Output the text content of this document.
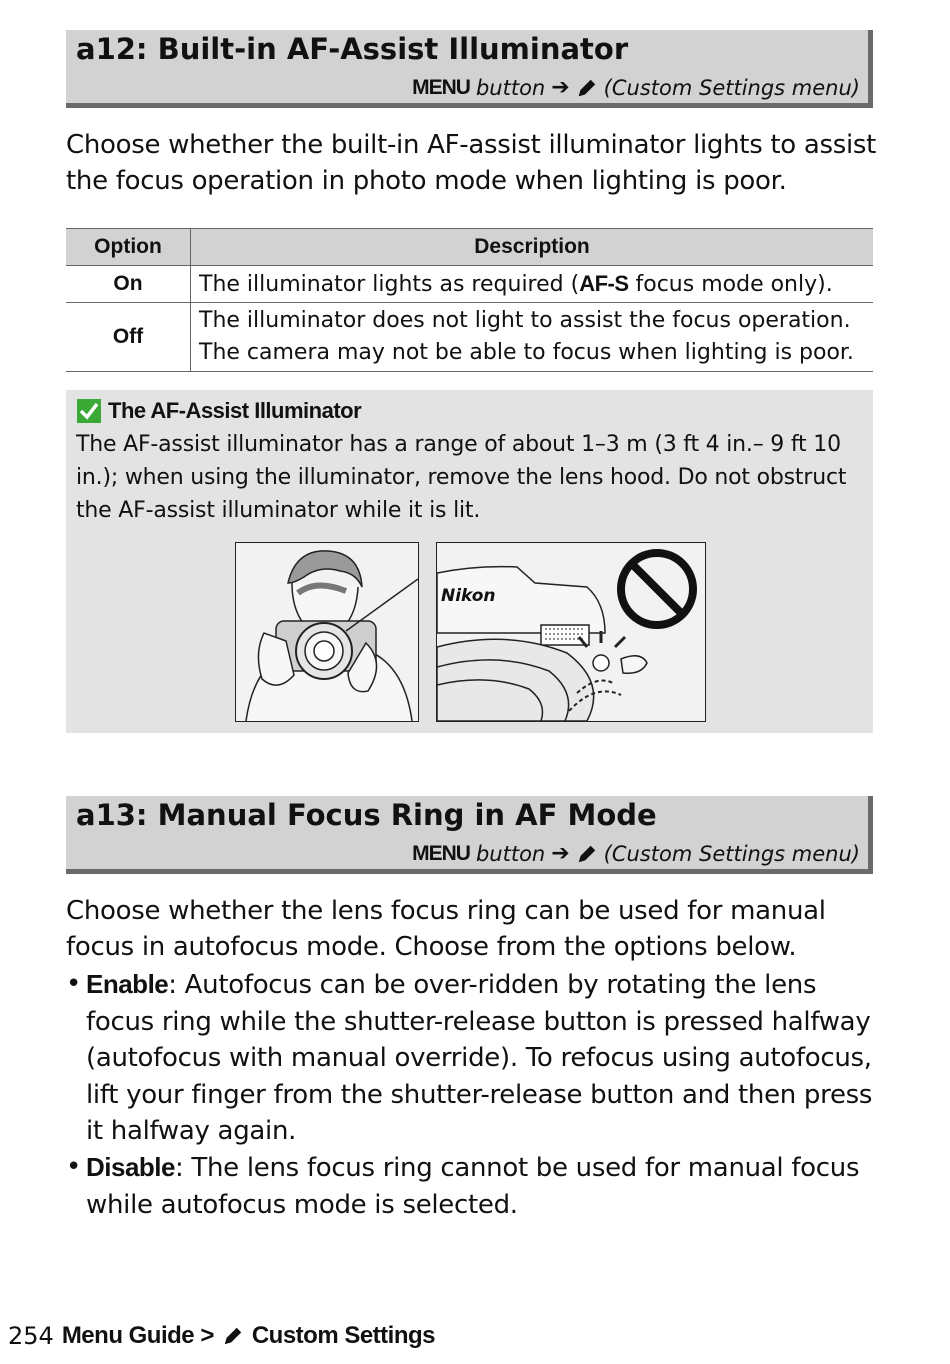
a12: Built-in AF-Assist Illuminator
MENU button ➔ (Custom Settings menu)
Choose whether the built-in AF-assist illuminator lights to assist the focus operation in photo mode when lighting is poor.
Option	Description
On	The illuminator lights as required (AF-S focus mode only).
Off	The illuminator does not light to assist the focus operation. The camera may not be able to focus when lighting is poor.
The AF-Assist Illuminator
The AF-assist illuminator has a range of about 1–3 m (3 ft 4 in.– 9 ft 10 in.); when using the illuminator, remove the lens hood. Do not obstruct the AF-assist illuminator while it is lit.
Nikon
a13: Manual Focus Ring in AF Mode
MENU button ➔ (Custom Settings menu)
Choose whether the lens focus ring can be used for manual focus in autofocus mode. Choose from the options below.
• Enable: Autofocus can be over-ridden by rotating the lens focus ring while the shutter-release button is pressed halfway (autofocus with manual override). To refocus using autofocus, lift your finger from the shutter-release button and then press it halfway again.
• Disable: The lens focus ring cannot be used for manual focus while autofocus mode is selected.
254 Menu Guide > Custom Settings
